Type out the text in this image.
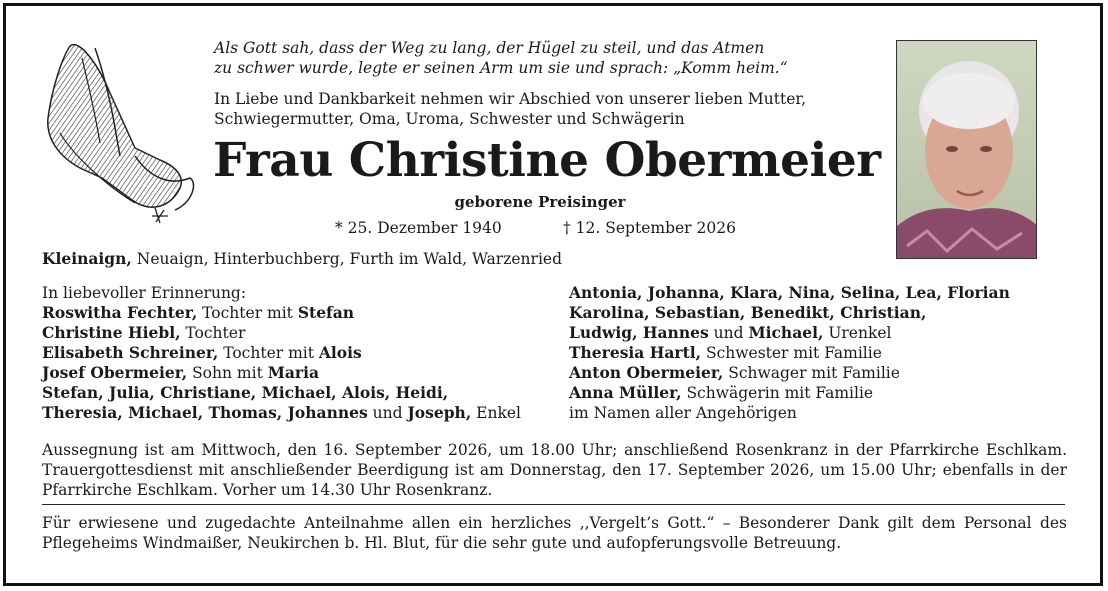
Als Gott sah, dass der Weg zu lang, der Hügel zu steil, und das Atmen
zu schwer wurde, legte er seinen Arm um sie und sprach: „Komm heim.“
In Liebe und Dankbarkeit nehmen wir Abschied von unserer lieben Mutter,
Schwiegermutter, Oma, Uroma, Schwester und Schwägerin
Frau Christine Obermeier
geborene Preisinger
* 25. Dezember 1940	† 12. September 2026
Kleinaign, Neuaign, Hinterbuchberg, Furth im Wald, Warzenried
In liebevoller Erinnerung:
Roswitha Fechter, Tochter mit Stefan
Christine Hiebl, Tochter
Elisabeth Schreiner, Tochter mit Alois
Josef Obermeier, Sohn mit Maria
Stefan, Julia, Christiane, Michael, Alois, Heidi,
Theresia, Michael, Thomas, Johannes und Joseph, Enkel
Antonia, Johanna, Klara, Nina, Selina, Lea, Florian
Karolina, Sebastian, Benedikt, Christian,
Ludwig, Hannes und Michael, Urenkel
Theresia Hartl, Schwester mit Familie
Anton Obermeier, Schwager mit Familie
Anna Müller, Schwägerin mit Familie
im Namen aller Angehörigen
Aussegnung ist am Mittwoch, den 16. September 2026, um 18.00 Uhr; anschließend Rosenkranz in der Pfarrkirche Eschlkam. Trauergottesdienst mit anschließender Beerdigung ist am Donnerstag, den 17. September 2026, um 15.00 Uhr; ebenfalls in der Pfarrkirche Eschlkam. Vorher um 14.30 Uhr Rosenkranz.
Für erwiesene und zugedachte Anteilnahme allen ein herzliches ,,Vergelt’s Gott.“ – Besonderer Dank gilt dem Personal des Pflegeheims Windmaißer, Neukirchen b. Hl. Blut, für die sehr gute und aufopferungsvolle Betreuung.
